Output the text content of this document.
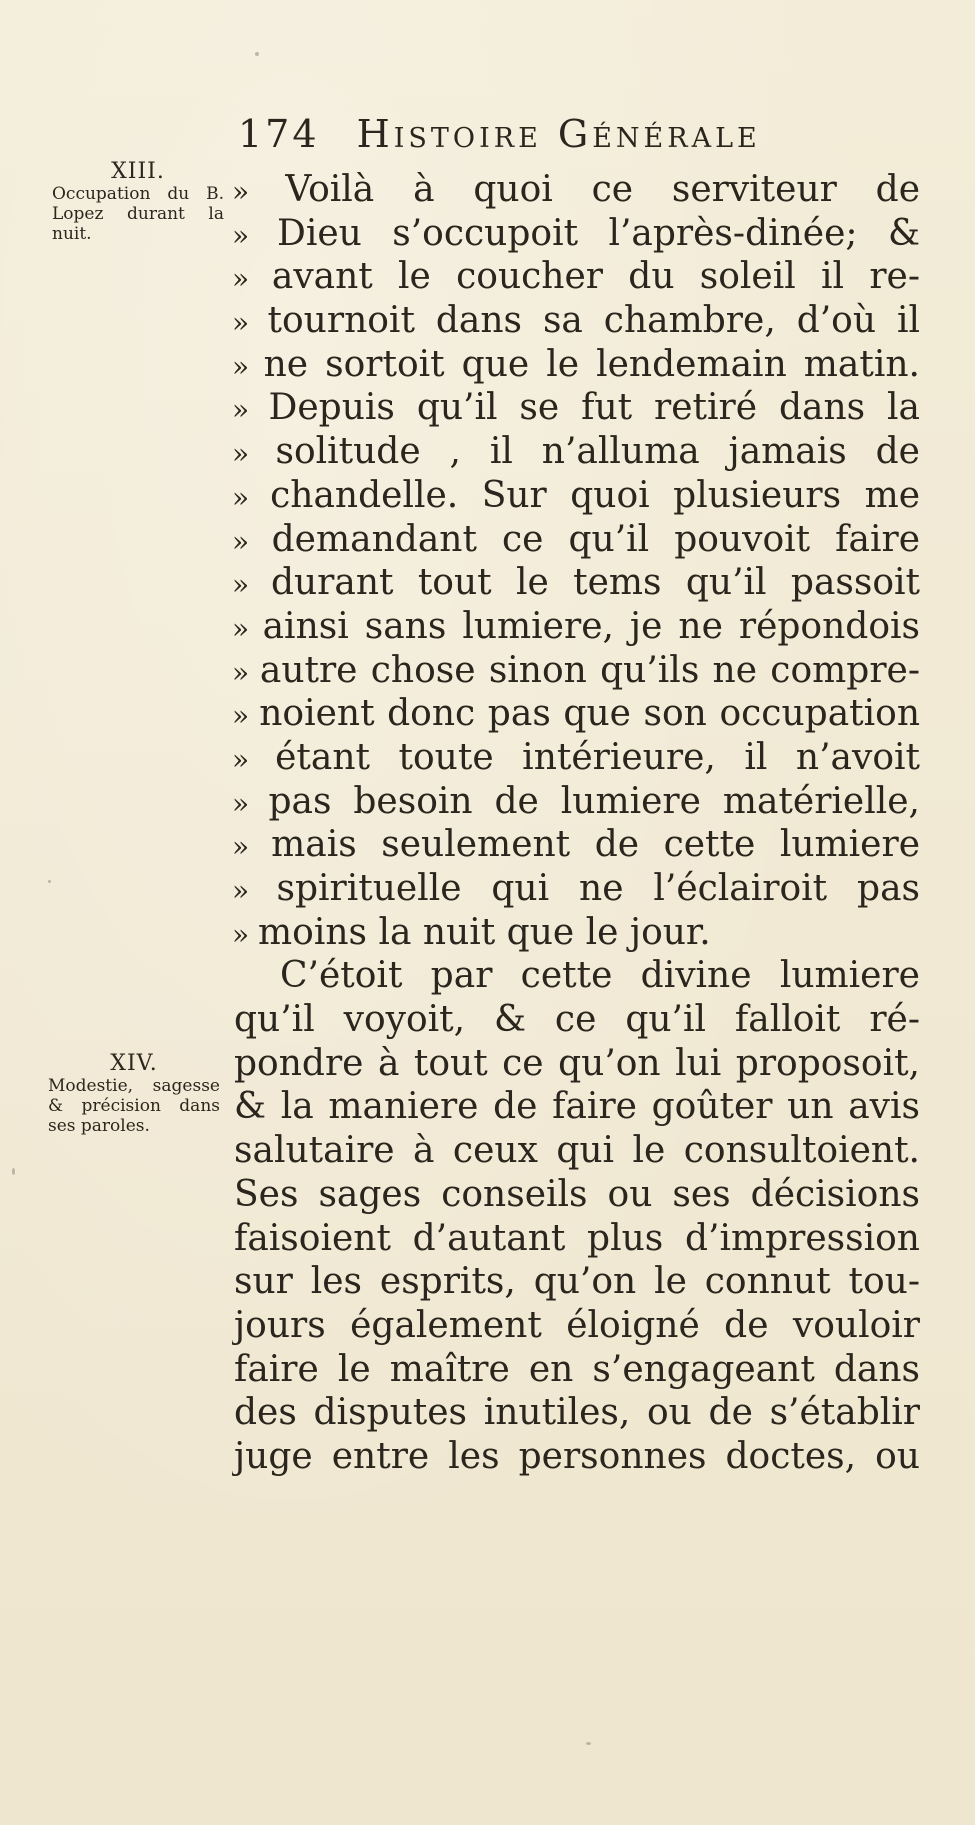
174 Histoire Générale
XIII.
Occupation du B. Lopez durant la nuit.
XIV.
Modestie, sagesse & précision dans ses paroles.
» Voilà à quoi ce serviteur de
» Dieu s’occupoit l’après-dinée; &
» avant le coucher du soleil il re-
» tournoit dans sa chambre, d’où il
» ne sortoit que le lendemain matin.
» Depuis qu’il se fut retiré dans la
» solitude , il n’alluma jamais de
» chandelle. Sur quoi plusieurs me
» demandant ce qu’il pouvoit faire
» durant tout le tems qu’il passoit
» ainsi sans lumiere, je ne répondois
» autre chose sinon qu’ils ne compre-
» noient donc pas que son occupation
» étant toute intérieure, il n’avoit
» pas besoin de lumiere matérielle,
» mais seulement de cette lumiere
» spirituelle qui ne l’éclairoit pas
» moins la nuit que le jour.
C’étoit par cette divine lumiere
qu’il voyoit, & ce qu’il falloit ré-
pondre à tout ce qu’on lui proposoit,
& la maniere de faire goûter un avis
salutaire à ceux qui le consultoient.
Ses sages conseils ou ses décisions
faisoient d’autant plus d’impression
sur les esprits, qu’on le connut tou-
jours également éloigné de vouloir
faire le maître en s’engageant dans
des disputes inutiles, ou de s’établir
juge entre les personnes doctes, ou
